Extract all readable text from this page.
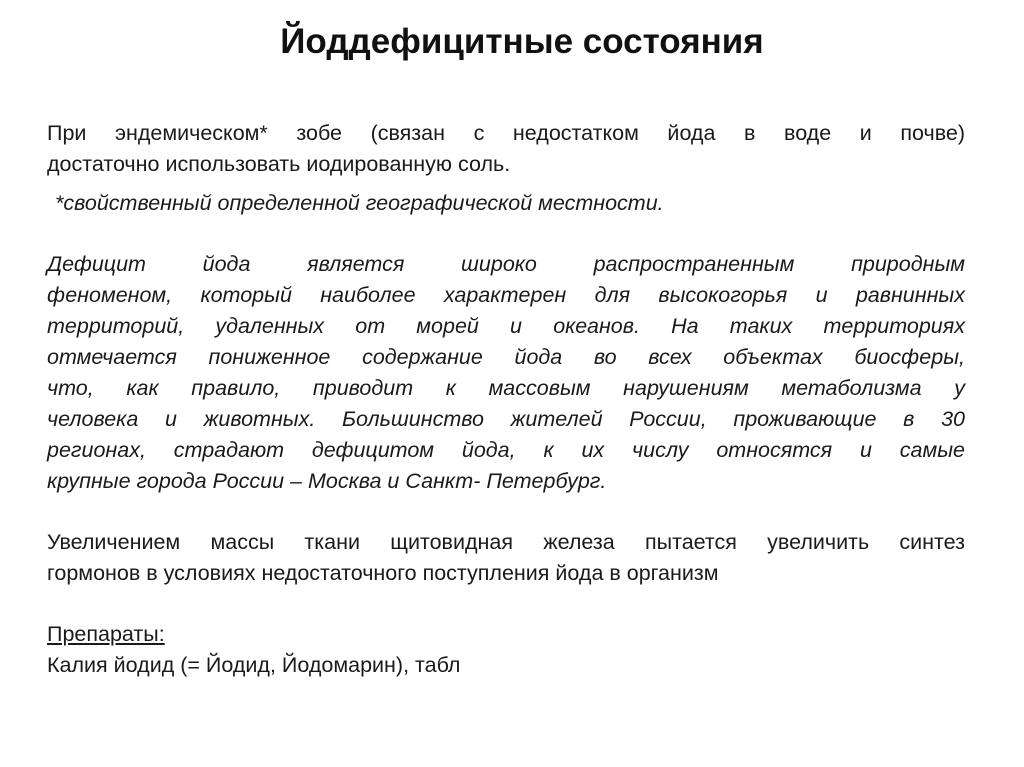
Йоддефицитные состояния

При эндемическом* зобе (связан с недостатком йода в воде и почве)
достаточно использовать иодированную соль.

*свойственный определенной географической местности.

Дефицит йода является широко распространенным природным
феноменом, который наиболее характерен для высокогорья и равнинных
территорий, удаленных от морей и океанов. На таких территориях
отмечается пониженное содержание йода во всех объектах биосферы,
что, как правило, приводит к массовым нарушениям метаболизма у
человека и животных. Большинство жителей России, проживающие в 30
регионах, страдают дефицитом йода, к их числу относятся и самые
крупные города России – Москва и Санкт- Петербург.

Увеличением массы ткани щитовидная железа пытается увеличить синтез
гормонов в условиях недостаточного поступления йода в организм

Препараты:
Калия йодид (= Йодид, Йодомарин), табл
